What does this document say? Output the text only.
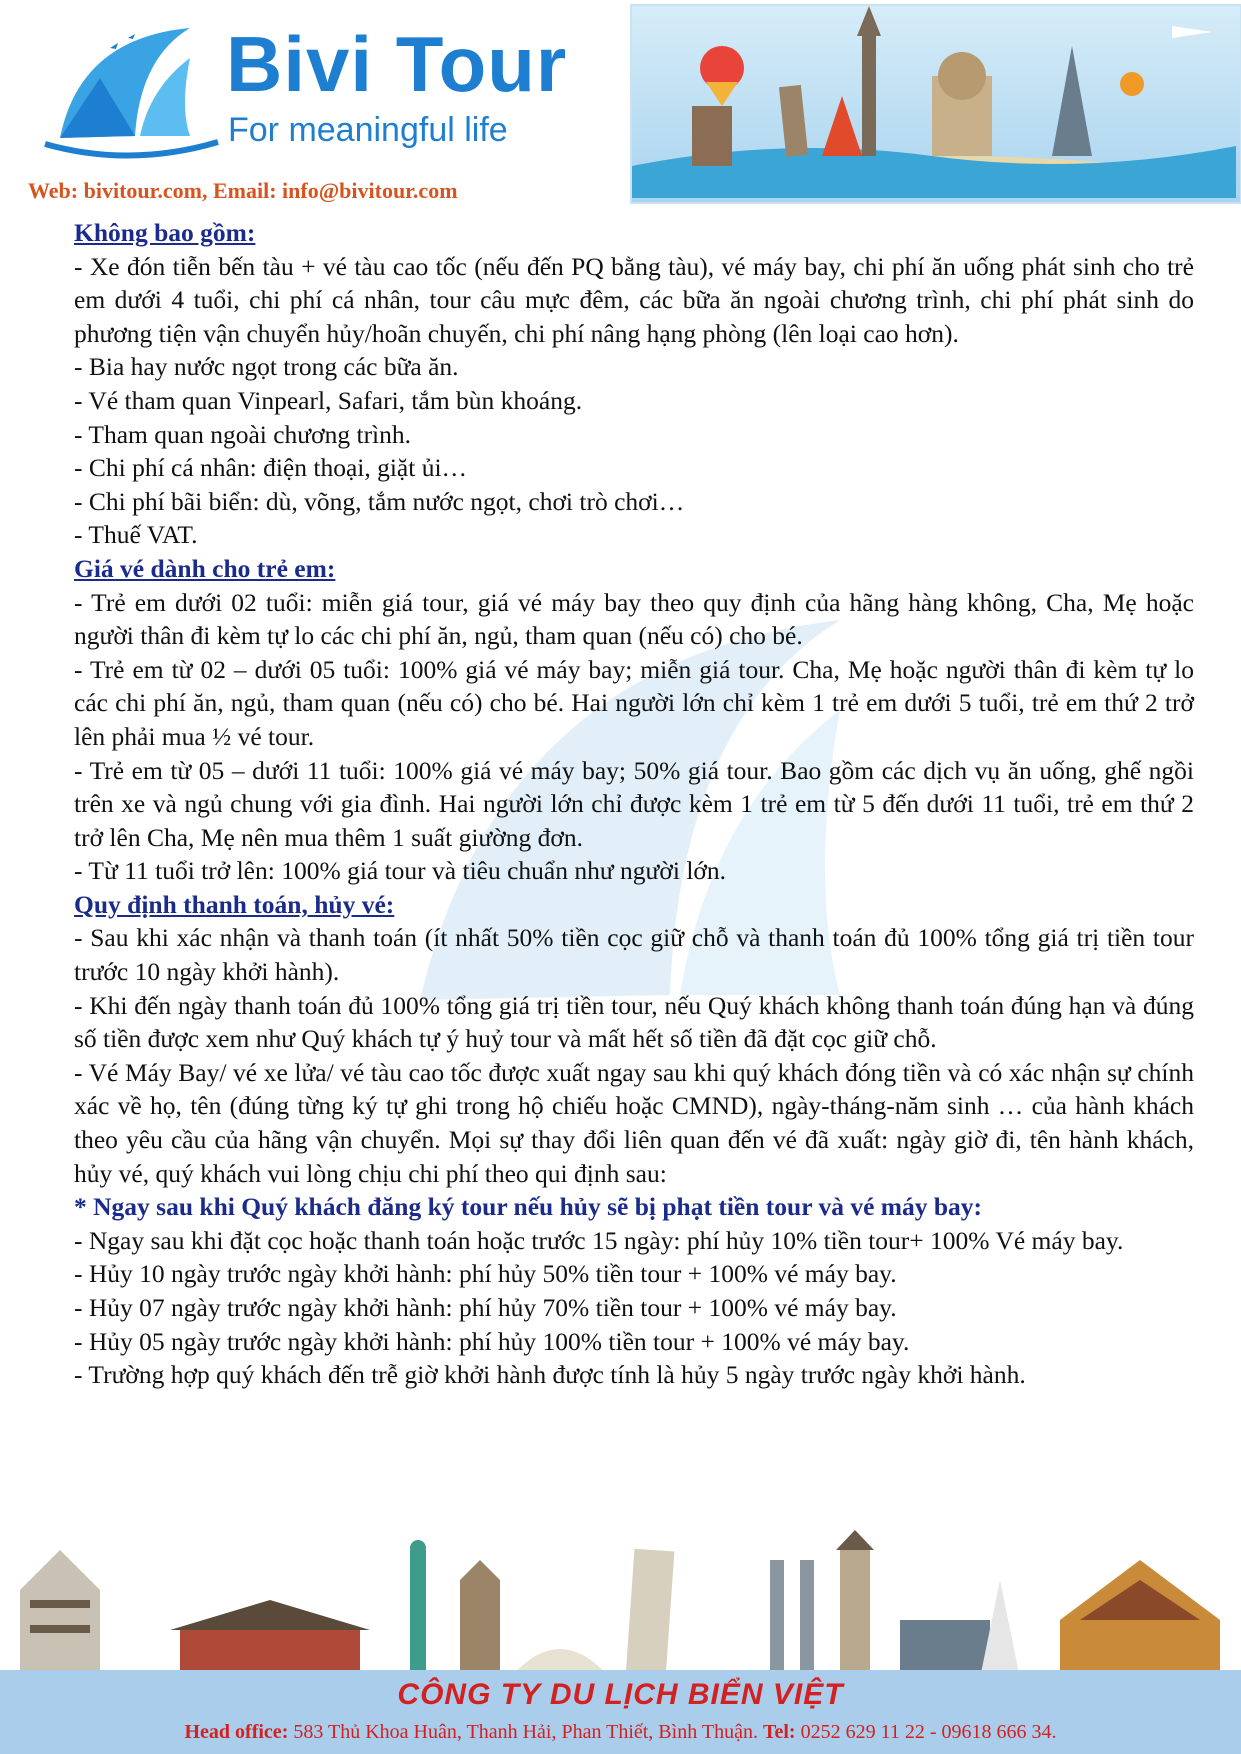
Bivi Tour
For meaningful life
Web: bivitour.com, Email: info@bivitour.com
Không bao gồm:
- Xe đón tiễn bến tàu + vé tàu cao tốc (nếu đến PQ bằng tàu), vé máy bay, chi phí ăn uống phát sinh cho trẻ em dưới 4 tuổi, chi phí cá nhân, tour câu mực đêm, các bữa ăn ngoài chương trình, chi phí phát sinh do phương tiện vận chuyển hủy/hoãn chuyến, chi phí nâng hạng phòng (lên loại cao hơn).
- Bia hay nước ngọt trong các bữa ăn.
- Vé tham quan Vinpearl, Safari, tắm bùn khoáng.
- Tham quan ngoài chương trình.
- Chi phí cá nhân: điện thoại, giặt ủi…
- Chi phí bãi biển: dù, võng, tắm nước ngọt, chơi trò chơi…
- Thuế VAT.
Giá vé dành cho trẻ em:
- Trẻ em dưới 02 tuổi: miễn giá tour, giá vé máy bay theo quy định của hãng hàng không, Cha, Mẹ hoặc người thân đi kèm tự lo các chi phí ăn, ngủ, tham quan (nếu có) cho bé.
- Trẻ em từ 02 – dưới 05 tuổi: 100% giá vé máy bay; miễn giá tour. Cha, Mẹ hoặc người thân đi kèm tự lo các chi phí ăn, ngủ, tham quan (nếu có) cho bé. Hai người lớn chỉ kèm 1 trẻ em dưới 5 tuổi, trẻ em thứ 2 trở lên phải mua ½ vé tour.
- Trẻ em từ 05 – dưới 11 tuổi: 100% giá vé máy bay; 50% giá tour. Bao gồm các dịch vụ ăn uống, ghế ngồi trên xe và ngủ chung với gia đình. Hai người lớn chỉ được kèm 1 trẻ em từ 5 đến dưới 11 tuổi, trẻ em thứ 2 trở lên Cha, Mẹ nên mua thêm 1 suất giường đơn.
- Từ 11 tuổi trở lên: 100% giá tour và tiêu chuẩn như người lớn.
Quy định thanh toán, hủy vé:
- Sau khi xác nhận và thanh toán (ít nhất 50% tiền cọc giữ chỗ và thanh toán đủ 100% tổng giá trị tiền tour trước 10 ngày khởi hành).
- Khi đến ngày thanh toán đủ 100% tổng giá trị tiền tour, nếu Quý khách không thanh toán đúng hạn và đúng số tiền được xem như Quý khách tự ý huỷ tour và mất hết số tiền đã đặt cọc giữ chỗ.
- Vé Máy Bay/ vé xe lửa/ vé tàu cao tốc được xuất ngay sau khi quý khách đóng tiền và có xác nhận sự chính xác về họ, tên (đúng từng ký tự ghi trong hộ chiếu hoặc CMND), ngày-tháng-năm sinh … của hành khách theo yêu cầu của hãng vận chuyển. Mọi sự thay đổi liên quan đến vé đã xuất: ngày giờ đi, tên hành khách, hủy vé, quý khách vui lòng chịu chi phí theo qui định sau:
* Ngay sau khi Quý khách đăng ký tour nếu hủy sẽ bị phạt tiền tour và vé máy bay:
- Ngay sau khi đặt cọc hoặc thanh toán hoặc trước 15 ngày: phí hủy 10% tiền tour+ 100% Vé máy bay.
- Hủy 10 ngày trước ngày khởi hành: phí hủy 50% tiền tour + 100% vé máy bay.
- Hủy 07 ngày trước ngày khởi hành: phí hủy 70% tiền tour + 100% vé máy bay.
- Hủy 05 ngày trước ngày khởi hành: phí hủy 100% tiền tour + 100% vé máy bay.
- Trường hợp quý khách đến trễ giờ khởi hành được tính là hủy 5 ngày trước ngày khởi hành.
CÔNG TY DU LỊCH BIỂN VIỆT
Head office: 583 Thủ Khoa Huân, Thanh Hải, Phan Thiết, Bình Thuận. Tel: 0252 629 11 22 - 09618 666 34.
